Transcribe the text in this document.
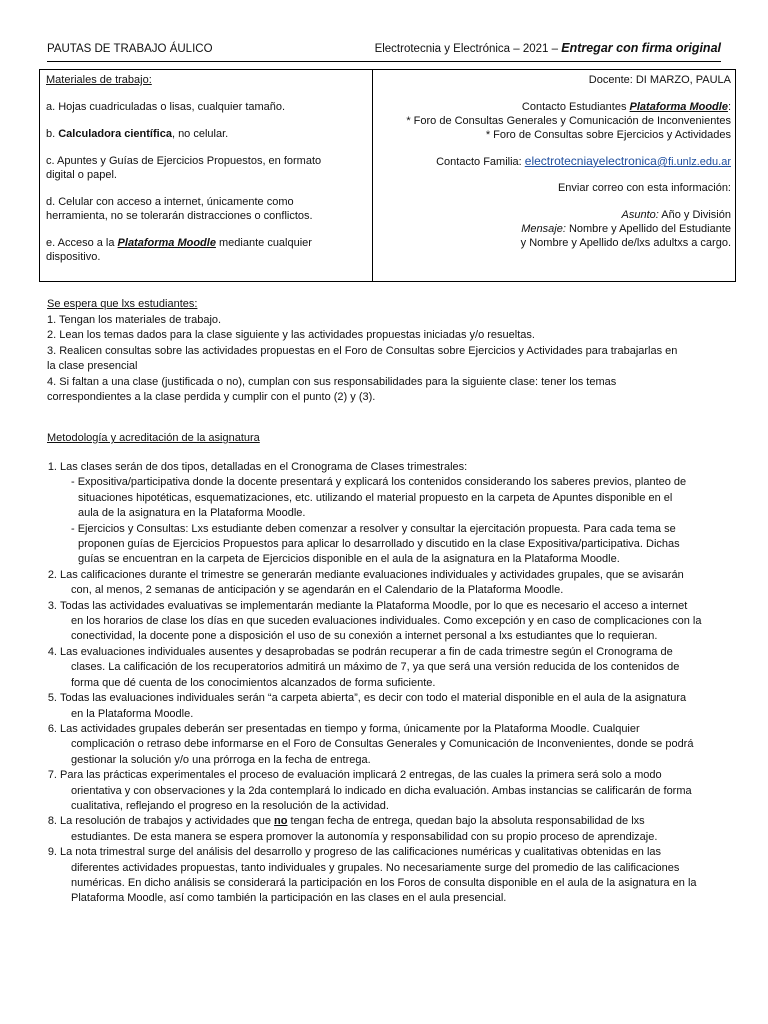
PAUTAS DE TRABAJO ÁULICO	Electrotecnia y Electrónica – 2021 – Entregar con firma original

Materiales de trabajo:

a. Hojas cuadriculadas o lisas, cualquier tamaño.

b. Calculadora científica, no celular.

c. Apuntes y Guías de Ejercicios Propuestos, en formato
digital o papel.

d. Celular con acceso a internet, únicamente como
herramienta, no se tolerarán distracciones o conflictos.

e. Acceso a la Plataforma Moodle mediante cualquier
dispositivo.

Docente: DI MARZO, PAULA

Contacto Estudiantes Plataforma Moodle:

* Foro de Consultas Generales y Comunicación de Inconvenientes

* Foro de Consultas sobre Ejercicios y Actividades

Contacto Familia: electrotecniayelectronica@fi.unlz.edu.ar

Enviar correo con esta información:

Asunto: Año y División

Mensaje: Nombre y Apellido del Estudiante

y Nombre y Apellido de/lxs adultxs a cargo.

Se espera que lxs estudiantes:
1. Tengan los materiales de trabajo.
2. Lean los temas dados para la clase siguiente y las actividades propuestas iniciadas y/o resueltas.
3. Realicen consultas sobre las actividades propuestas en el Foro de Consultas sobre Ejercicios y Actividades para trabajarlas en
la clase presencial
4. Si faltan a una clase (justificada o no), cumplan con sus responsabilidades para la siguiente clase: tener los temas
correspondientes a la clase perdida y cumplir con el punto (2) y (3).
Metodología y acreditación de la asignatura
1. Las clases serán de dos tipos, detalladas en el Cronograma de Clases trimestrales:
- Expositiva/participativa donde la docente presentará y explicará los contenidos considerando los saberes previos, planteo de
situaciones hipotéticas, esquematizaciones, etc. utilizando el material propuesto en la carpeta de Apuntes disponible en el
aula de la asignatura en la Plataforma Moodle.
- Ejercicios y Consultas: Lxs estudiante deben comenzar a resolver y consultar la ejercitación propuesta. Para cada tema se
proponen guías de Ejercicios Propuestos para aplicar lo desarrollado y discutido en la clase Expositiva/participativa. Dichas
guías se encuentran en la carpeta de Ejercicios disponible en el aula de la asignatura en la Plataforma Moodle.
2. Las calificaciones durante el trimestre se generarán mediante evaluaciones individuales y actividades grupales, que se avisarán
con, al menos, 2 semanas de anticipación y se agendarán en el Calendario de la Plataforma Moodle.
3. Todas las actividades evaluativas se implementarán mediante la Plataforma Moodle, por lo que es necesario el acceso a internet
en los horarios de clase los días en que suceden evaluaciones individuales. Como excepción y en caso de complicaciones con la
conectividad, la docente pone a disposición el uso de su conexión a internet personal a lxs estudiantes que lo requieran.
4. Las evaluaciones individuales ausentes y desaprobadas se podrán recuperar a fin de cada trimestre según el Cronograma de
clases. La calificación de los recuperatorios admitirá un máximo de 7, ya que será una versión reducida de los contenidos de
forma que dé cuenta de los conocimientos alcanzados de forma suficiente.
5. Todas las evaluaciones individuales serán “a carpeta abierta”, es decir con todo el material disponible en el aula de la asignatura
en la Plataforma Moodle.
6. Las actividades grupales deberán ser presentadas en tiempo y forma, únicamente por la Plataforma Moodle. Cualquier
complicación o retraso debe informarse en el Foro de Consultas Generales y Comunicación de Inconvenientes, donde se podrá
gestionar la solución y/o una prórroga en la fecha de entrega.
7. Para las prácticas experimentales el proceso de evaluación implicará 2 entregas, de las cuales la primera será solo a modo
orientativa y con observaciones y la 2da contemplará lo indicado en dicha evaluación. Ambas instancias se calificarán de forma
cualitativa, reflejando el progreso en la resolución de la actividad.
8. La resolución de trabajos y actividades que no tengan fecha de entrega, quedan bajo la absoluta responsabilidad de lxs
estudiantes. De esta manera se espera promover la autonomía y responsabilidad con su propio proceso de aprendizaje.
9. La nota trimestral surge del análisis del desarrollo y progreso de las calificaciones numéricas y cualitativas obtenidas en las
diferentes actividades propuestas, tanto individuales y grupales. No necesariamente surge del promedio de las calificaciones
numéricas. En dicho análisis se considerará la participación en los Foros de consulta disponible en el aula de la asignatura en la
Plataforma Moodle, así como también la participación en las clases en el aula presencial.
